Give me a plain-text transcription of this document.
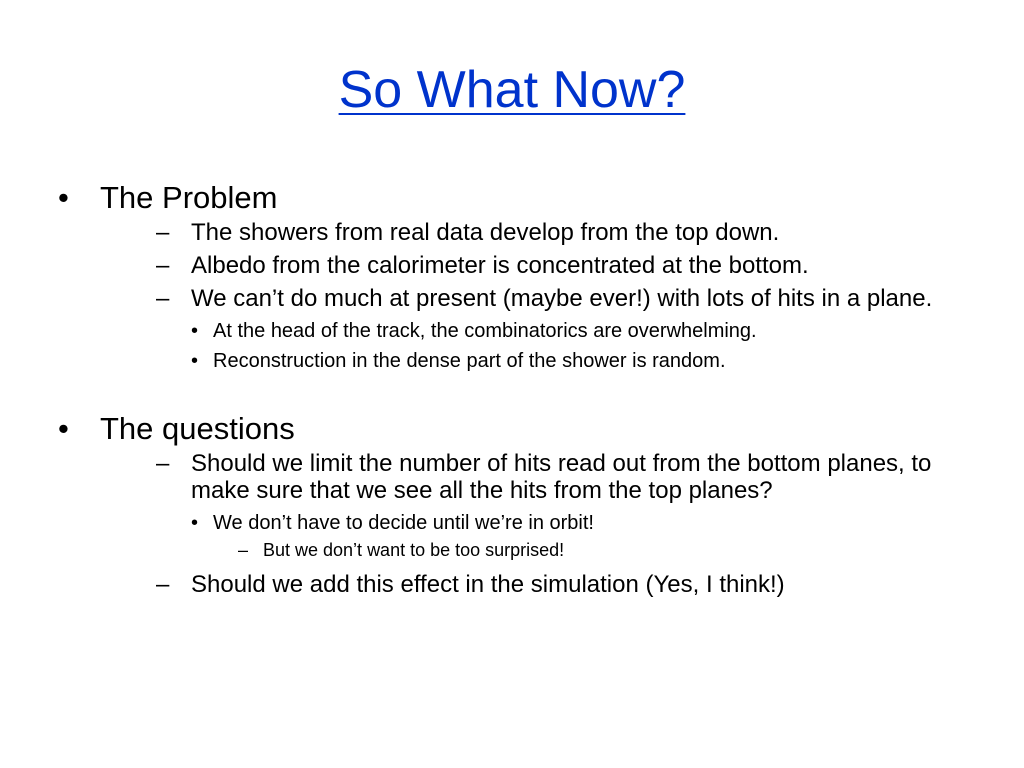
So What Now?
• The Problem
– The showers from real data develop from the top down.
– Albedo from the calorimeter is concentrated at the bottom.
– We can’t do much at present (maybe ever!) with lots of hits in a plane.
• At the head of the track, the combinatorics are overwhelming.
• Reconstruction in the dense part of the shower is random.
• The questions
– Should we limit the number of hits read out from the bottom planes, to make sure that we see all the hits from the top planes?
• We don’t have to decide until we’re in orbit!
– But we don’t want to be too surprised!
– Should we add this effect in the simulation (Yes, I think!)
